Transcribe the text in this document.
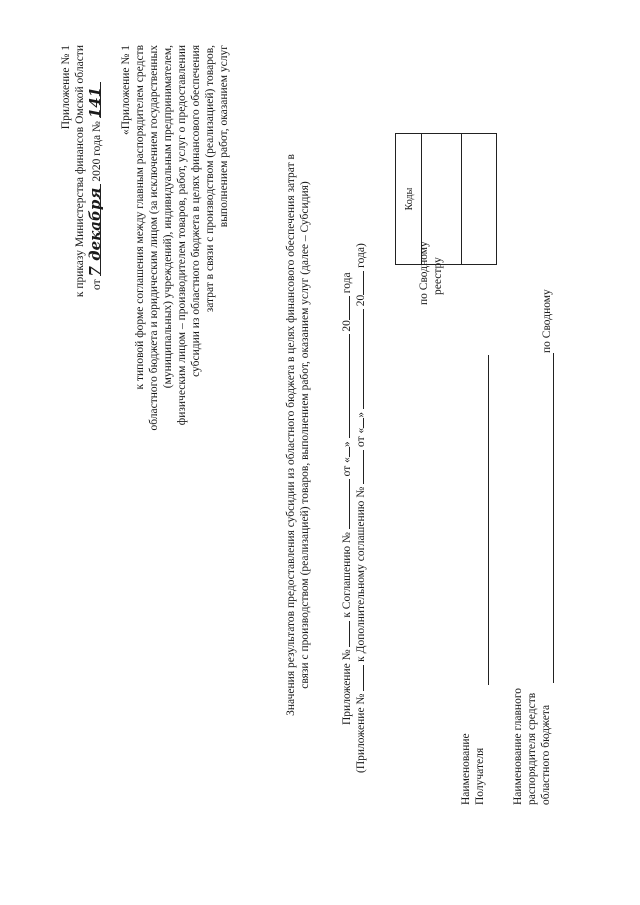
Приложение № 1 к приказу Министерства финансов Омской области от 7 декабря 2020 года № 141 «Приложение № 1 к типовой форме соглашения между главным распорядителем средств областного бюджета и юридическим лицом (за исключением государственных (муниципальных) учреждений), индивидуальным предпринимателем, физическим лицом – производителем товаров, работ, услуг о предоставлении субсидии из областного бюджета в целях финансового обеспечения затрат в связи с производством (реализацией) товаров, выполнением работ, оказанием услуг
Приложение №  к Соглашению №  от «»  20 года
(Приложение №  к Дополнительному соглашению №  от «»  20 года)
Значения результатов предоставления субсидии из областного бюджета в целях финансового обеспечения затрат в связи с производством (реализацией) товаров, выполнением работ, оказанием услуг (далее – Субсидия)	Коды
Наименование Получателя
по Сводному реестру
Наименование главного распорядителя средств областного бюджета
по Сводному
